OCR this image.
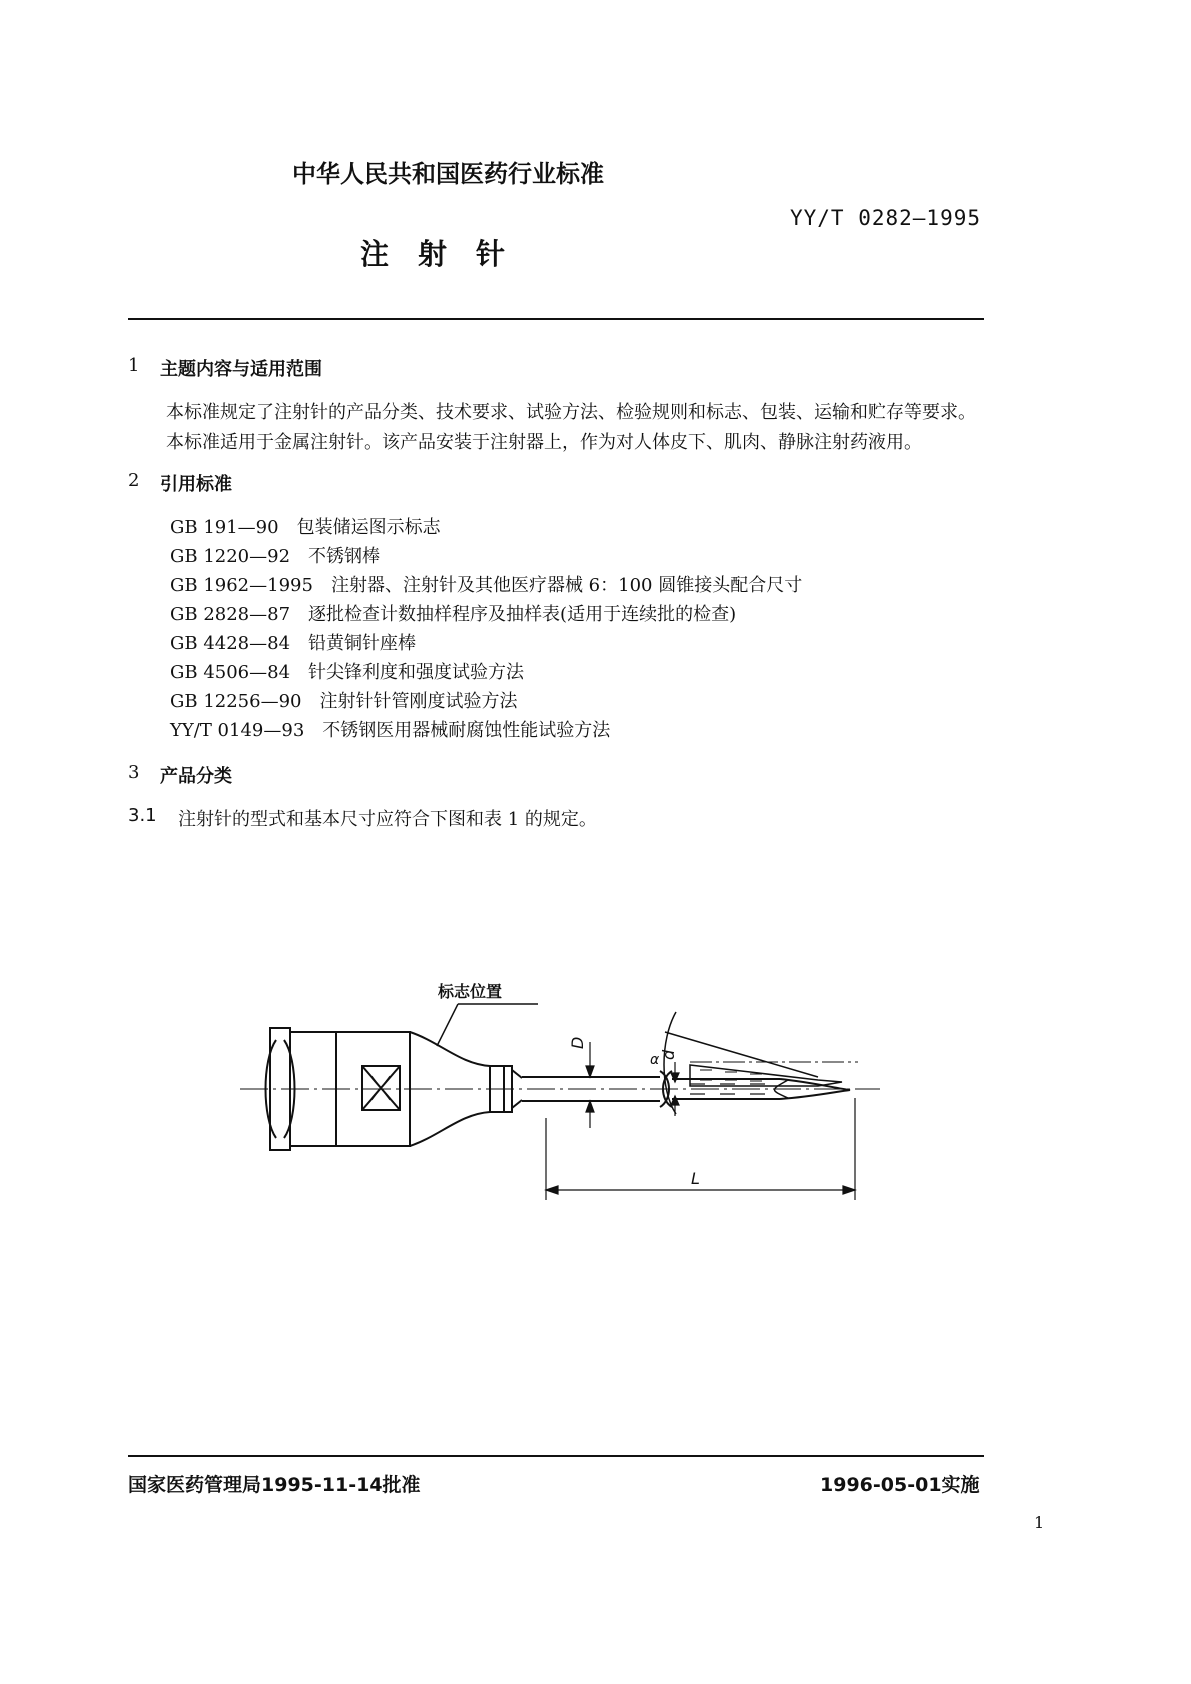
中华人民共和国医药行业标准
YY/T 0282—1995
注　射　针
1 主题内容与适用范围
本标准规定了注射针的产品分类、技术要求、试验方法、检验规则和标志、包装、运输和贮存等要求。
本标准适用于金属注射针。该产品安装于注射器上，作为对人体皮下、肌肉、静脉注射药液用。
2 引用标准
GB 191—90 包装储运图示标志
GB 1220—92 不锈钢棒
GB 1962—1995 注射器、注射针及其他医疗器械 6：100 圆锥接头配合尺寸
GB 2828—87 逐批检查计数抽样程序及抽样表(适用于连续批的检查)
GB 4428—84 铅黄铜针座棒
GB 4506—84 针尖锋利度和强度试验方法
GB 12256—90 注射针针管刚度试验方法
YY/T 0149—93 不锈钢医用器械耐腐蚀性能试验方法
3 产品分类
3.1 注射针的型式和基本尺寸应符合下图和表 1 的规定。
标志位置
D
d
L
α
国家医药管理局1995-11-14批准	1996-05-01实施
1
